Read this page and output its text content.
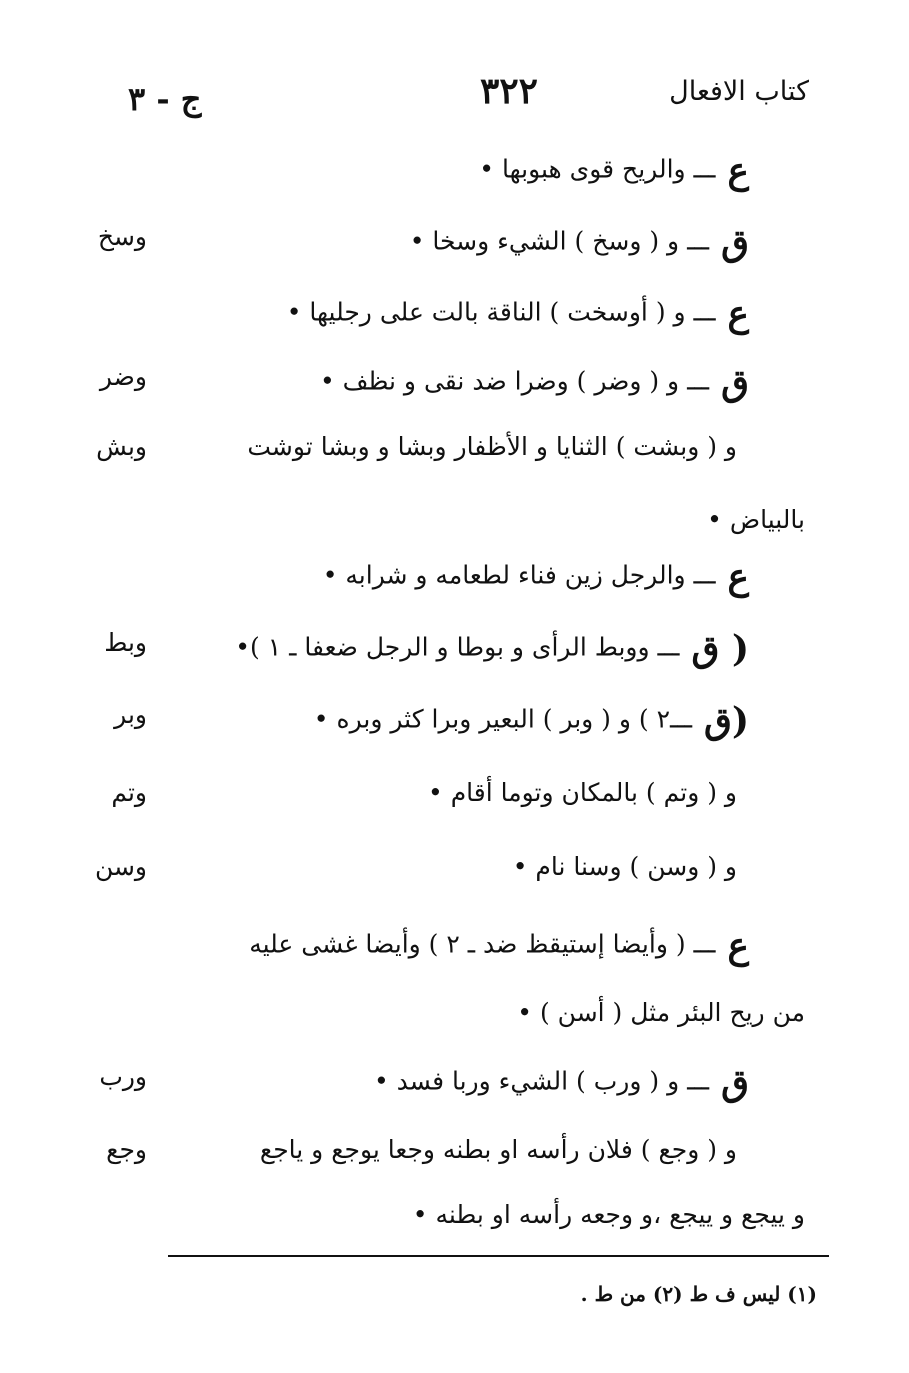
كتاب الافعال
٣٢٢
ج - ٣
عـــ والريح قوى هبوبها •
قـــ و ( وسخ ) الشيء وسخا •
عـــ و ( أوسخت ) الناقة بالت على رجليها •
قـــ و ( وضر ) وضرا ضد نقى و نظف •
و ( وبشت ) الثنايا و الأظفار وبشا و وبشا توشت
بالبياض •
عـــ والرجل زين فناء لطعامه و شرابه •
( قـــ ووبط الرأى و بوطا و الرجل ضعفا ـ ١ )•
(قـــ٢ ) و ( وبر ) البعير وبرا كثر وبره •
و ( وتم ) بالمكان وتوما أقام •
و ( وسن ) وسنا نام •
عـــ ( وأيضا إستيقظ ضد ـ ٢ ) وأيضا غشى عليه
من ريح البئر مثل ( أسن ) •
قـــ و ( ورب ) الشيء وربا فسد •
و ( وجع ) فلان رأسه او بطنه وجعا يوجع و ياجع
و ييجع و ييجع ،و وجعه رأسه او بطنه •
وسخ
وضر
وبش
وبط
وبر
وتم
وسن
ورب
وجع
(١) ليس ف ط (٢) من ط .
